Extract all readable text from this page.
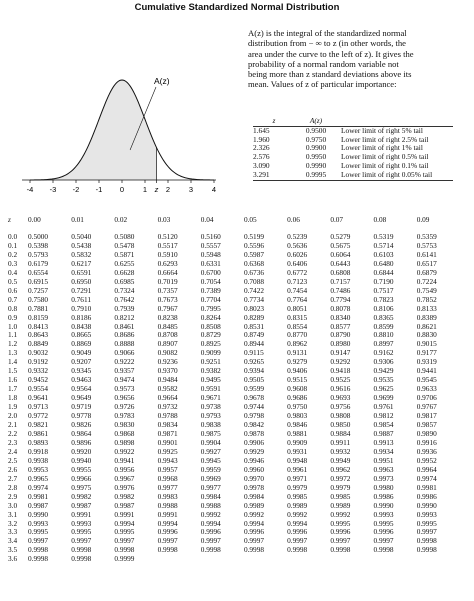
Cumulative Standardized Normal Distribution
-4 -3 -2 -1 0	1 z 2	3	4
A(z)
A(z) is the integral of the standardized normal
distribution from − ∞ to z (in other words, the
area under the curve to the left of z). It gives the
probability of a normal random variable not
being more than z standard deviations above its
mean. Values of z of particular importance:
z	A(z)	
1.645	0.9500	Lower limit of right 5% tail
1.960	0.9750	Lower limit of right 2.5% tail
2.326	0.9900	Lower limit of right 1% tail
2.576	0.9950	Lower limit of right 0.5% tail
3.090	0.9990	Lower limit of right 0.1% tail
3.291	0.9995	Lower limit of right 0.05% tail
z	0.00	0.01	0.02	0.03	0.04	0.05	0.06	0.07	0.08	0.09
0.0	0.5000	0.5040	0.5080	0.5120	0.5160	0.5199	0.5239	0.5279	0.5319	0.5359
0.1	0.5398	0.5438	0.5478	0.5517	0.5557	0.5596	0.5636	0.5675	0.5714	0.5753
0.2	0.5793	0.5832	0.5871	0.5910	0.5948	0.5987	0.6026	0.6064	0.6103	0.6141
0.3	0.6179	0.6217	0.6255	0.6293	0.6331	0.6368	0.6406	0.6443	0.6480	0.6517
0.4	0.6554	0.6591	0.6628	0.6664	0.6700	0.6736	0.6772	0.6808	0.6844	0.6879
0.5	0.6915	0.6950	0.6985	0.7019	0.7054	0.7088	0.7123	0.7157	0.7190	0.7224
0.6	0.7257	0.7291	0.7324	0.7357	0.7389	0.7422	0.7454	0.7486	0.7517	0.7549
0.7	0.7580	0.7611	0.7642	0.7673	0.7704	0.7734	0.7764	0.7794	0.7823	0.7852
0.8	0.7881	0.7910	0.7939	0.7967	0.7995	0.8023	0.8051	0.8078	0.8106	0.8133
0.9	0.8159	0.8186	0.8212	0.8238	0.8264	0.8289	0.8315	0.8340	0.8365	0.8389
1.0	0.8413	0.8438	0.8461	0.8485	0.8508	0.8531	0.8554	0.8577	0.8599	0.8621
1.1	0.8643	0.8665	0.8686	0.8708	0.8729	0.8749	0.8770	0.8790	0.8810	0.8830
1.2	0.8849	0.8869	0.8888	0.8907	0.8925	0.8944	0.8962	0.8980	0.8997	0.9015
1.3	0.9032	0.9049	0.9066	0.9082	0.9099	0.9115	0.9131	0.9147	0.9162	0.9177
1.4	0.9192	0.9207	0.9222	0.9236	0.9251	0.9265	0.9279	0.9292	0.9306	0.9319
1.5	0.9332	0.9345	0.9357	0.9370	0.9382	0.9394	0.9406	0.9418	0.9429	0.9441
1.6	0.9452	0.9463	0.9474	0.9484	0.9495	0.9505	0.9515	0.9525	0.9535	0.9545
1.7	0.9554	0.9564	0.9573	0.9582	0.9591	0.9599	0.9608	0.9616	0.9625	0.9633
1.8	0.9641	0.9649	0.9656	0.9664	0.9671	0.9678	0.9686	0.9693	0.9699	0.9706
1.9	0.9713	0.9719	0.9726	0.9732	0.9738	0.9744	0.9750	0.9756	0.9761	0.9767
2.0	0.9772	0.9778	0.9783	0.9788	0.9793	0.9798	0.9803	0.9808	0.9812	0.9817
2.1	0.9821	0.9826	0.9830	0.9834	0.9838	0.9842	0.9846	0.9850	0.9854	0.9857
2.2	0.9861	0.9864	0.9868	0.9871	0.9875	0.9878	0.9881	0.9884	0.9887	0.9890
2.3	0.9893	0.9896	0.9898	0.9901	0.9904	0.9906	0.9909	0.9911	0.9913	0.9916
2.4	0.9918	0.9920	0.9922	0.9925	0.9927	0.9929	0.9931	0.9932	0.9934	0.9936
2.5	0.9938	0.9940	0.9941	0.9943	0.9945	0.9946	0.9948	0.9949	0.9951	0.9952
2.6	0.9953	0.9955	0.9956	0.9957	0.9959	0.9960	0.9961	0.9962	0.9963	0.9964
2.7	0.9965	0.9966	0.9967	0.9968	0.9969	0.9970	0.9971	0.9972	0.9973	0.9974
2.8	0.9974	0.9975	0.9976	0.9977	0.9977	0.9978	0.9979	0.9979	0.9980	0.9981
2.9	0.9981	0.9982	0.9982	0.9983	0.9984	0.9984	0.9985	0.9985	0.9986	0.9986
3.0	0.9987	0.9987	0.9987	0.9988	0.9988	0.9989	0.9989	0.9989	0.9990	0.9990
3.1	0.9990	0.9991	0.9991	0.9991	0.9992	0.9992	0.9992	0.9992	0.9993	0.9993
3.2	0.9993	0.9993	0.9994	0.9994	0.9994	0.9994	0.9994	0.9995	0.9995	0.9995
3.3	0.9995	0.9995	0.9995	0.9996	0.9996	0.9996	0.9996	0.9996	0.9996	0.9997
3.4	0.9997	0.9997	0.9997	0.9997	0.9997	0.9997	0.9997	0.9997	0.9997	0.9998
3.5	0.9998	0.9998	0.9998	0.9998	0.9998	0.9998	0.9998	0.9998	0.9998	0.9998
3.6	0.9998	0.9998	0.9999							
